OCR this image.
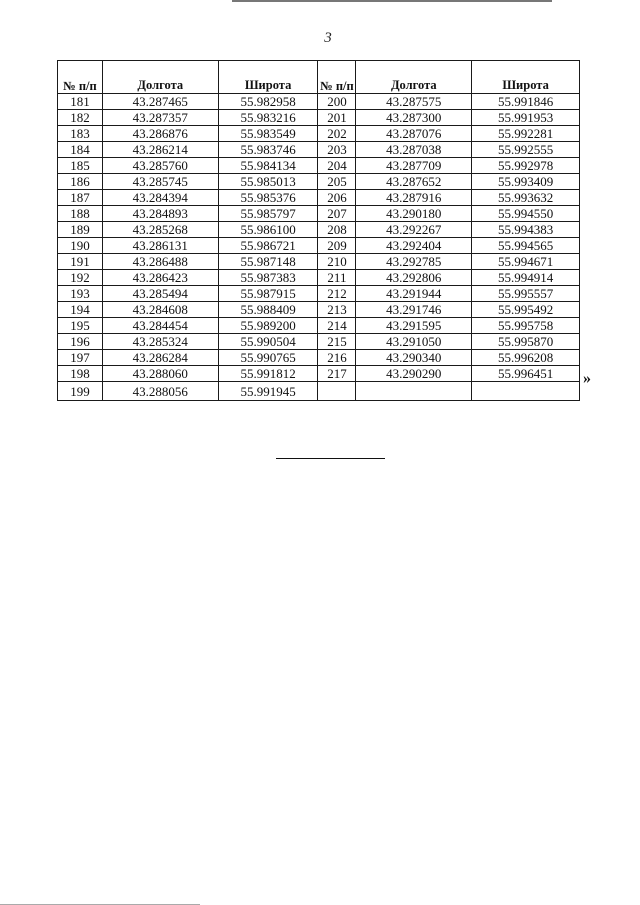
3
№ п/п	Долгота	Широта	№ п/п	Долгота	Широта
181	43.287465	55.982958	200	43.287575	55.991846
182	43.287357	55.983216	201	43.287300	55.991953
183	43.286876	55.983549	202	43.287076	55.992281
184	43.286214	55.983746	203	43.287038	55.992555
185	43.285760	55.984134	204	43.287709	55.992978
186	43.285745	55.985013	205	43.287652	55.993409
187	43.284394	55.985376	206	43.287916	55.993632
188	43.284893	55.985797	207	43.290180	55.994550
189	43.285268	55.986100	208	43.292267	55.994383
190	43.286131	55.986721	209	43.292404	55.994565
191	43.286488	55.987148	210	43.292785	55.994671
192	43.286423	55.987383	211	43.292806	55.994914
193	43.285494	55.987915	212	43.291944	55.995557
194	43.284608	55.988409	213	43.291746	55.995492
195	43.284454	55.989200	214	43.291595	55.995758
196	43.285324	55.990504	215	43.291050	55.995870
197	43.286284	55.990765	216	43.290340	55.996208
198	43.288060	55.991812	217	43.290290	55.996451
199	43.288056	55.991945			
»
